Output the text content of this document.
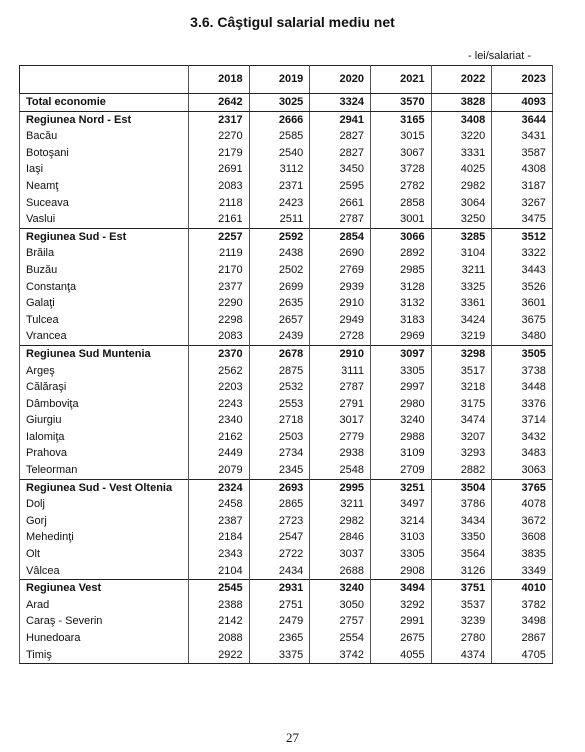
3.6. Câştigul salarial mediu net
- lei/salariat -
	2018	2019	2020	2021	2022	2023
Total economie	2642	3025	3324	3570	3828	4093
Regiunea Nord - Est	2317	2666	2941	3165	3408	3644
Bacău	2270	2585	2827	3015	3220	3431
Botoşani	2179	2540	2827	3067	3331	3587
Iaşi	2691	3112	3450	3728	4025	4308
Neamţ	2083	2371	2595	2782	2982	3187
Suceava	2118	2423	2661	2858	3064	3267
Vaslui	2161	2511	2787	3001	3250	3475
Regiunea Sud - Est	2257	2592	2854	3066	3285	3512
Brăila	2119	2438	2690	2892	3104	3322
Buzău	2170	2502	2769	2985	3211	3443
Constanţa	2377	2699	2939	3128	3325	3526
Galaţi	2290	2635	2910	3132	3361	3601
Tulcea	2298	2657	2949	3183	3424	3675
Vrancea	2083	2439	2728	2969	3219	3480
Regiunea Sud Muntenia	2370	2678	2910	3097	3298	3505
Argeş	2562	2875	3111	3305	3517	3738
Călăraşi	2203	2532	2787	2997	3218	3448
Dâmboviţa	2243	2553	2791	2980	3175	3376
Giurgiu	2340	2718	3017	3240	3474	3714
Ialomiţa	2162	2503	2779	2988	3207	3432
Prahova	2449	2734	2938	3109	3293	3483
Teleorman	2079	2345	2548	2709	2882	3063
Regiunea Sud - Vest Oltenia	2324	2693	2995	3251	3504	3765
Dolj	2458	2865	3211	3497	3786	4078
Gorj	2387	2723	2982	3214	3434	3672
Mehedinţi	2184	2547	2846	3103	3350	3608
Olt	2343	2722	3037	3305	3564	3835
Vâlcea	2104	2434	2688	2908	3126	3349
Regiunea Vest	2545	2931	3240	3494	3751	4010
Arad	2388	2751	3050	3292	3537	3782
Caraş - Severin	2142	2479	2757	2991	3239	3498
Hunedoara	2088	2365	2554	2675	2780	2867
Timiş	2922	3375	3742	4055	4374	4705
27
